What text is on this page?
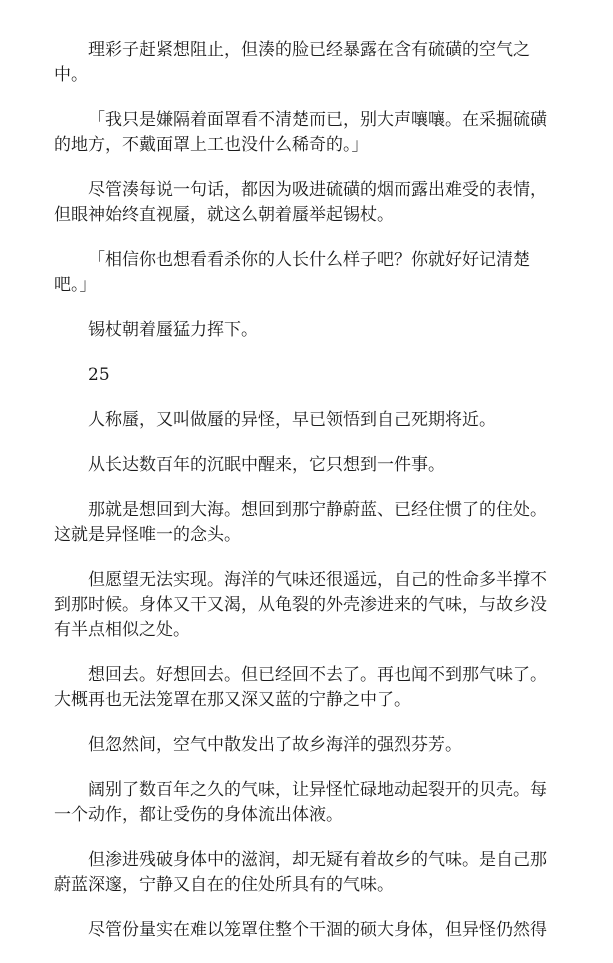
理彩子赶紧想阻止，但湊的脸已经暴露在含有硫磺的空气之中。

「我只是嫌隔着面罩看不清楚而已，别大声嚷嚷。在采掘硫磺的地方，不戴面罩上工也没什么稀奇的。」

尽管湊每说一句话，都因为吸进硫磺的烟而露出难受的表情，但眼神始终直视蜃，就这么朝着蜃举起锡杖。

「相信你也想看看杀你的人长什么样子吧？你就好好记清楚吧。」

锡杖朝着蜃猛力挥下。

25

人称蜃，又叫做蜃的异怪，早已领悟到自己死期将近。

从长达数百年的沉眠中醒来，它只想到一件事。

那就是想回到大海。想回到那宁静蔚蓝、已经住惯了的住处。这就是异怪唯一的念头。

但愿望无法实现。海洋的气味还很遥远，自己的性命多半撑不到那时候。身体又干又渴，从龟裂的外壳渗进来的气味，与故乡没有半点相似之处。

想回去。好想回去。但已经回不去了。再也闻不到那气味了。大概再也无法笼罩在那又深又蓝的宁静之中了。

但忽然间，空气中散发出了故乡海洋的强烈芬芳。

阔别了数百年之久的气味，让异怪忙碌地动起裂开的贝壳。每一个动作，都让受伤的身体流出体液。

但渗进残破身体中的滋润，却无疑有着故乡的气味。是自己那蔚蓝深邃，宁静又自在的住处所具有的气味。

尽管份量实在难以笼罩住整个干涸的硕大身体，但异怪仍然得
